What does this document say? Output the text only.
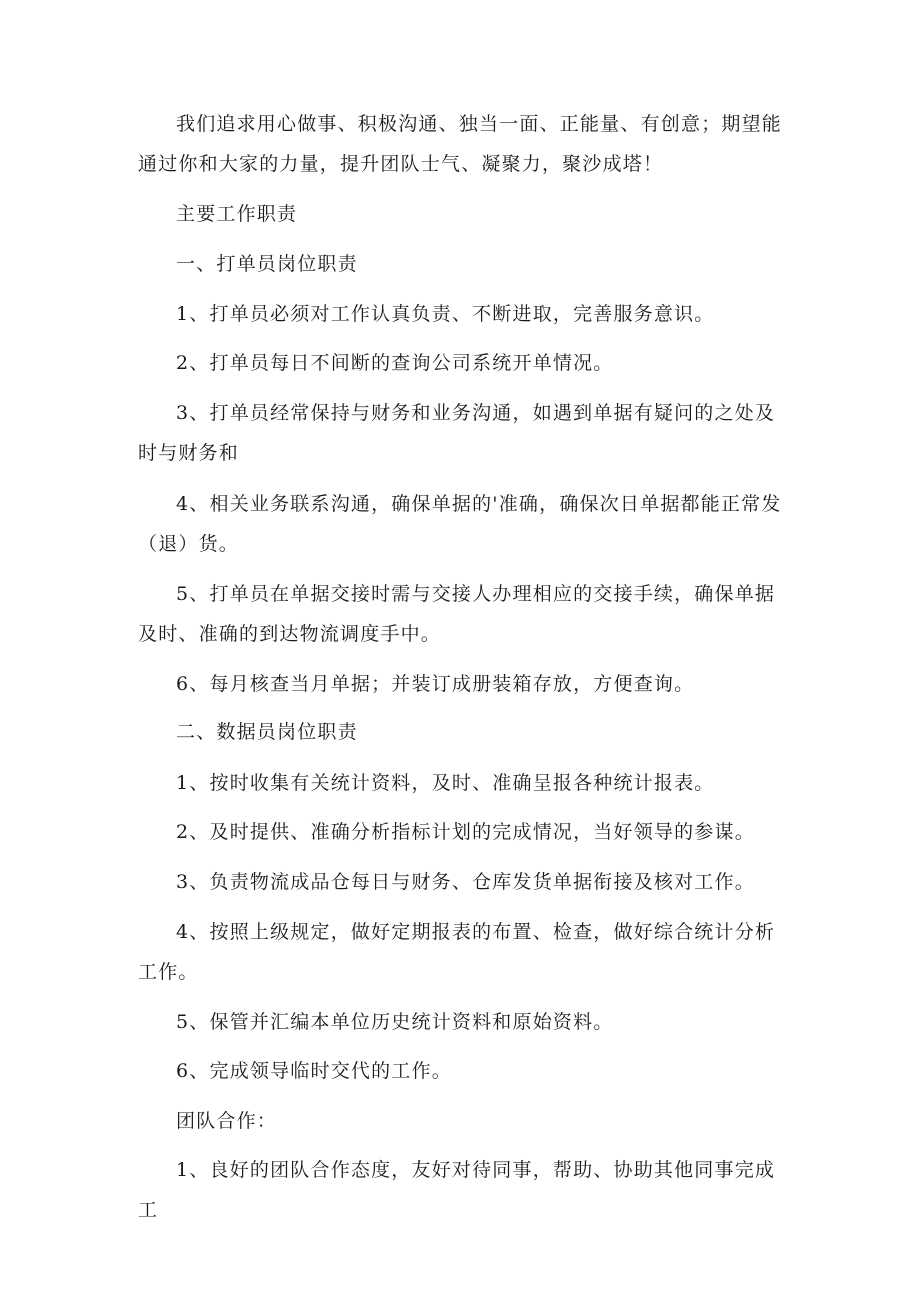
我们追求用心做事、积极沟通、独当一面、正能量、有创意；期望能通过你和大家的力量，提升团队士气、凝聚力，聚沙成塔！

主要工作职责

一、打单员岗位职责

1、打单员必须对工作认真负责、不断进取，完善服务意识。

2、打单员每日不间断的查询公司系统开单情况。

3、打单员经常保持与财务和业务沟通，如遇到单据有疑问的之处及时与财务和

4、相关业务联系沟通，确保单据的'准确，确保次日单据都能正常发（退）货。

5、打单员在单据交接时需与交接人办理相应的交接手续，确保单据及时、准确的到达物流调度手中。

6、每月核查当月单据；并装订成册装箱存放，方便查询。

二、数据员岗位职责

1、按时收集有关统计资料，及时、准确呈报各种统计报表。

2、及时提供、准确分析指标计划的完成情况，当好领导的参谋。

3、负责物流成品仓每日与财务、仓库发货单据衔接及核对工作。

4、按照上级规定，做好定期报表的布置、检查，做好综合统计分析工作。

5、保管并汇编本单位历史统计资料和原始资料。

6、完成领导临时交代的工作。

团队合作：

1、良好的团队合作态度，友好对待同事，帮助、协助其他同事完成工
